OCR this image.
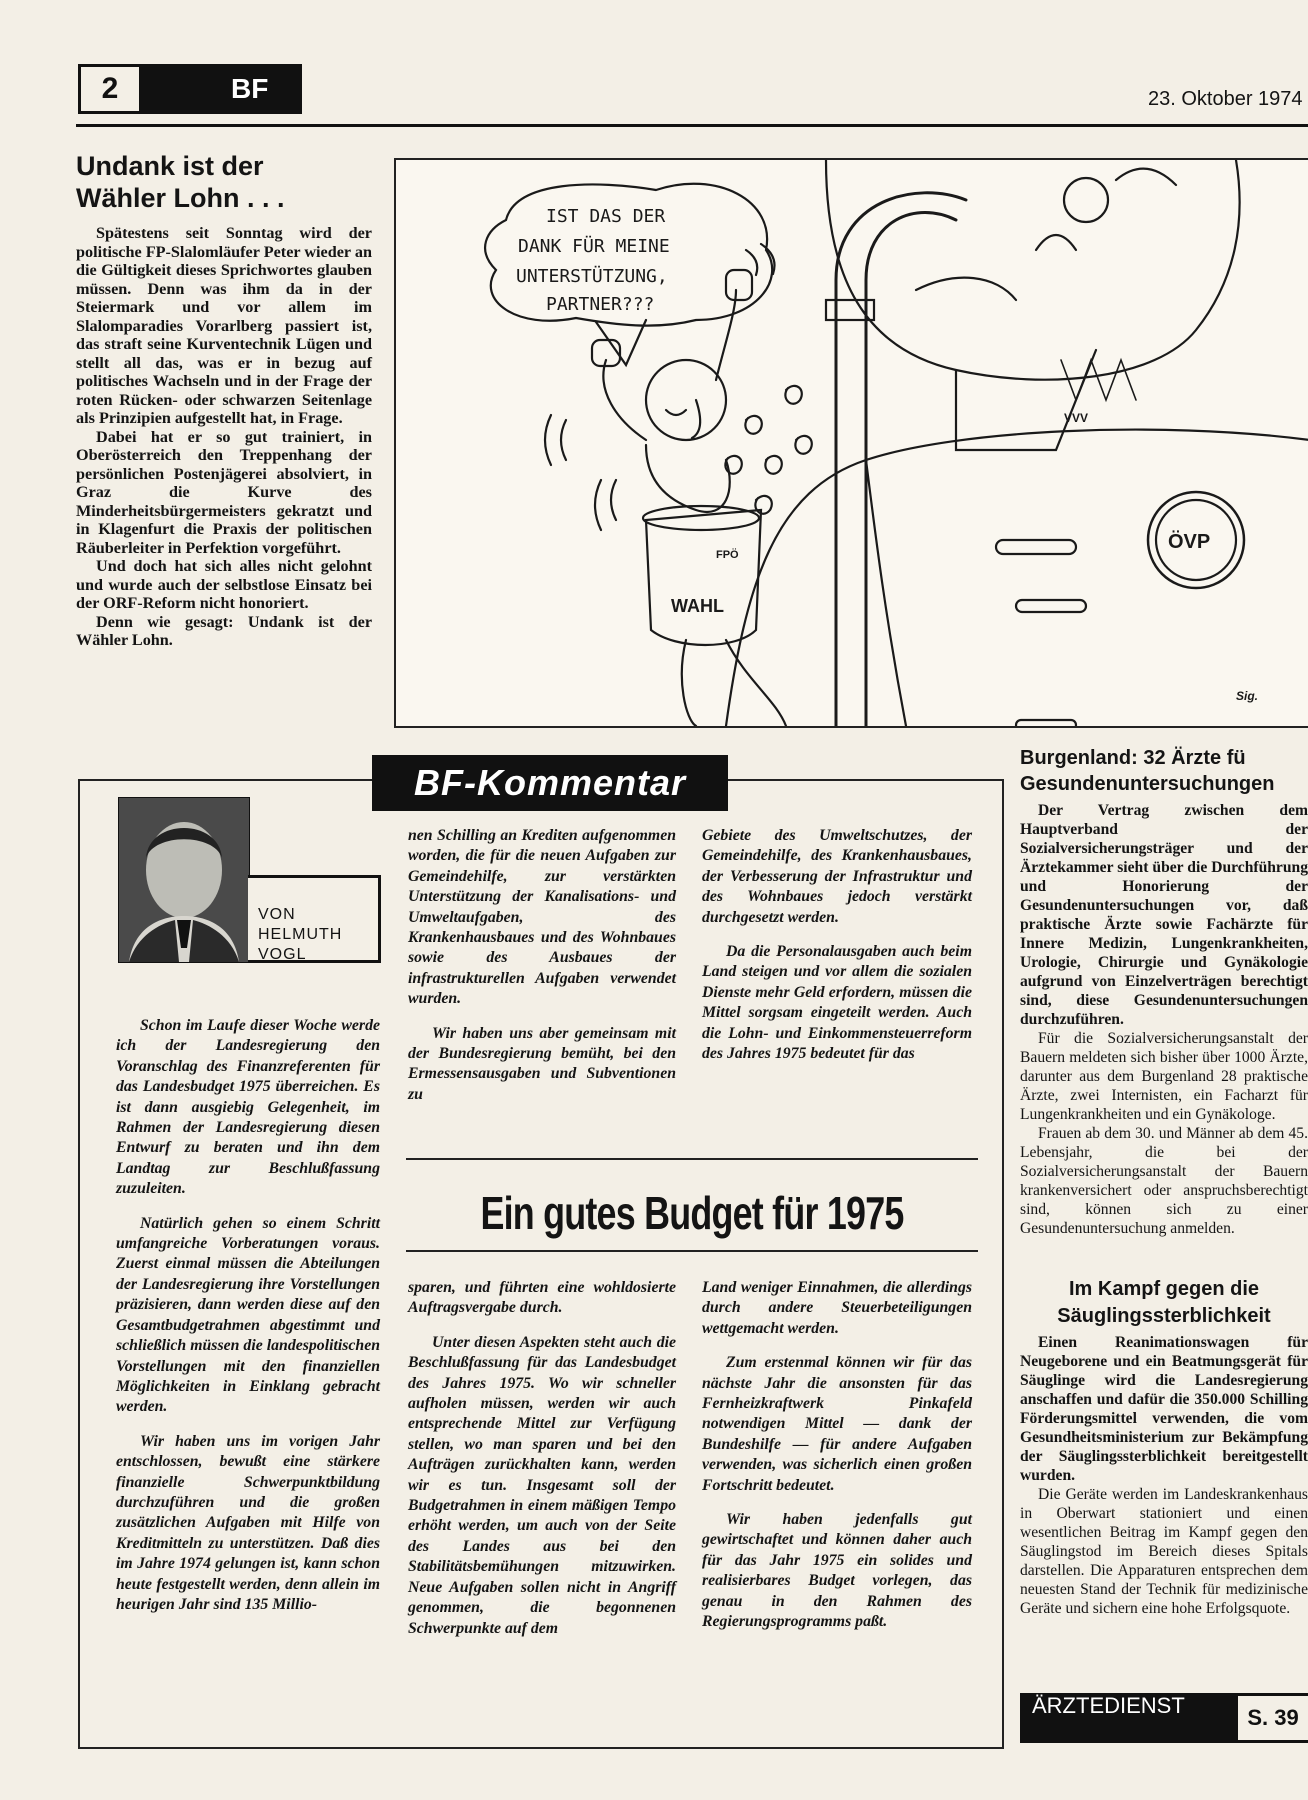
2	BF	23. Oktober 1974
Undank ist der
Wähler Lohn . . .

Spätestens seit Sonntag wird der politische FP-Slalomläufer Peter wieder an die Gültigkeit dieses Sprichwortes glauben müssen. Denn was ihm da in der Steiermark und vor allem im Slalomparadies Vorarlberg passiert ist, das straft seine Kurventechnik Lügen und stellt all das, was er in bezug auf politisches Wachseln und in der Frage der roten Rücken- oder schwarzen Seitenlage als Prinzipien aufgestellt hat, in Frage.

Dabei hat er so gut trainiert, in Oberösterreich den Treppenhang der persönlichen Postenjägerei absolviert, in Graz die Kurve des Minderheitsbürgermeisters gekratzt und in Klagenfurt die Praxis der politischen Räuberleiter in Perfektion vorgeführt.

Und doch hat sich alles nicht gelohnt und wurde auch der selbstlose Einsatz bei der ORF-Reform nicht honoriert.

Denn wie gesagt: Undank ist der Wähler Lohn.

IST DAS DER
DANK FÜR MEINE
UNTERSTÜTZUNG,
PARTNER???
WAHL
FPÖ
VVV
ÖVP
Sig.
BF-Kommentar
VON
HELMUTH
VOGL

Schon im Laufe dieser Woche werde ich der Landesregierung den Voranschlag des Finanzreferenten für das Landesbudget 1975 überreichen. Es ist dann ausgiebig Gelegenheit, im Rahmen der Landesregierung diesen Entwurf zu beraten und ihn dem Landtag zur Beschlußfassung zuzuleiten.

Natürlich gehen so einem Schritt umfangreiche Vorberatungen voraus. Zuerst einmal müssen die Abteilungen der Landesregierung ihre Vorstellungen präzisieren, dann werden diese auf den Gesamtbudgetrahmen abgestimmt und schließlich müssen die landespolitischen Vorstellungen mit den finanziellen Möglichkeiten in Einklang gebracht werden.

Wir haben uns im vorigen Jahr entschlossen, bewußt eine stärkere finanzielle Schwerpunktbildung durchzuführen und die großen zusätzlichen Aufgaben mit Hilfe von Kreditmitteln zu unterstützen. Daß dies im Jahre 1974 gelungen ist, kann schon heute festgestellt werden, denn allein im heurigen Jahr sind 135 Millio-

nen Schilling an Krediten aufgenommen worden, die für die neuen Aufgaben zur Gemeindehilfe, zur verstärkten Unterstützung der Kanalisations- und Umweltaufgaben, des Krankenhausbaues und des Wohnbaues sowie des Ausbaues der infrastrukturellen Aufgaben verwendet wurden.

Wir haben uns aber gemeinsam mit der Bundesregierung bemüht, bei den Ermessensausgaben und Subventionen zu

Gebiete des Umweltschutzes, der Gemeindehilfe, des Krankenhausbaues, der Verbesserung der Infrastruktur und des Wohnbaues jedoch verstärkt durchgesetzt werden.

Da die Personalausgaben auch beim Land steigen und vor allem die sozialen Dienste mehr Geld erfordern, müssen die Mittel sorgsam eingeteilt werden. Auch die Lohn- und Einkommensteuerreform des Jahres 1975 bedeutet für das

Ein gutes Budget für 1975

sparen, und führten eine wohldosierte Auftragsvergabe durch.

Unter diesen Aspekten steht auch die Beschlußfassung für das Landesbudget des Jahres 1975. Wo wir schneller aufholen müssen, werden wir auch entsprechende Mittel zur Verfügung stellen, wo man sparen und bei den Aufträgen zurückhalten kann, werden wir es tun. Insgesamt soll der Budgetrahmen in einem mäßigen Tempo erhöht werden, um auch von der Seite des Landes aus bei den Stabilitätsbemühungen mitzuwirken. Neue Aufgaben sollen nicht in Angriff genommen, die begonnenen Schwerpunkte auf dem

Land weniger Einnahmen, die allerdings durch andere Steuerbeteiligungen wettgemacht werden.

Zum erstenmal können wir für das nächste Jahr die ansonsten für das Fernheizkraftwerk Pinkafeld notwendigen Mittel — dank der Bundeshilfe — für andere Aufgaben verwenden, was sicherlich einen großen Fortschritt bedeutet.

Wir haben jedenfalls gut gewirtschaftet und können daher auch für das Jahr 1975 ein solides und realisierbares Budget vorlegen, das genau in den Rahmen des Regierungsprogramms paßt.

Burgenland: 32 Ärzte fü
Gesundenuntersuchungen

Der Vertrag zwischen dem Hauptverband der Sozialversicherungsträger und der Ärztekammer sieht über die Durchführung und Honorierung der Gesundenuntersuchungen vor, daß praktische Ärzte sowie Fachärzte für Innere Medizin, Lungenkrankheiten, Urologie, Chirurgie und Gynäkologie aufgrund von Einzelverträgen berechtigt sind, diese Gesundenuntersuchungen durchzuführen.

Für die Sozialversicherungsanstalt der Bauern meldeten sich bisher über 1000 Ärzte, darunter aus dem Burgenland 28 praktische Ärzte, zwei Internisten, ein Facharzt für Lungenkrankheiten und ein Gynäkologe.

Frauen ab dem 30. und Männer ab dem 45. Lebensjahr, die bei der Sozialversicherungsanstalt der Bauern krankenversichert oder anspruchsberechtigt sind, können sich zu einer Gesundenuntersuchung anmelden.

Im Kampf gegen die
Säuglingssterblichkeit

Einen Reanimationswagen für Neugeborene und ein Beatmungsgerät für Säuglinge wird die Landesregierung anschaffen und dafür die 350.000 Schilling Förderungsmittel verwenden, die vom Gesundheitsministerium zur Bekämpfung der Säuglingssterblichkeit bereitgestellt wurden.

Die Geräte werden im Landeskrankenhaus in Oberwart stationiert und einen wesentlichen Beitrag im Kampf gegen den Säuglingstod im Bereich dieses Spitals darstellen. Die Apparaturen entsprechen dem neuesten Stand der Technik für medizinische Geräte und sichern eine hohe Erfolgsquote.

ÄRZTEDIENST	S. 39
